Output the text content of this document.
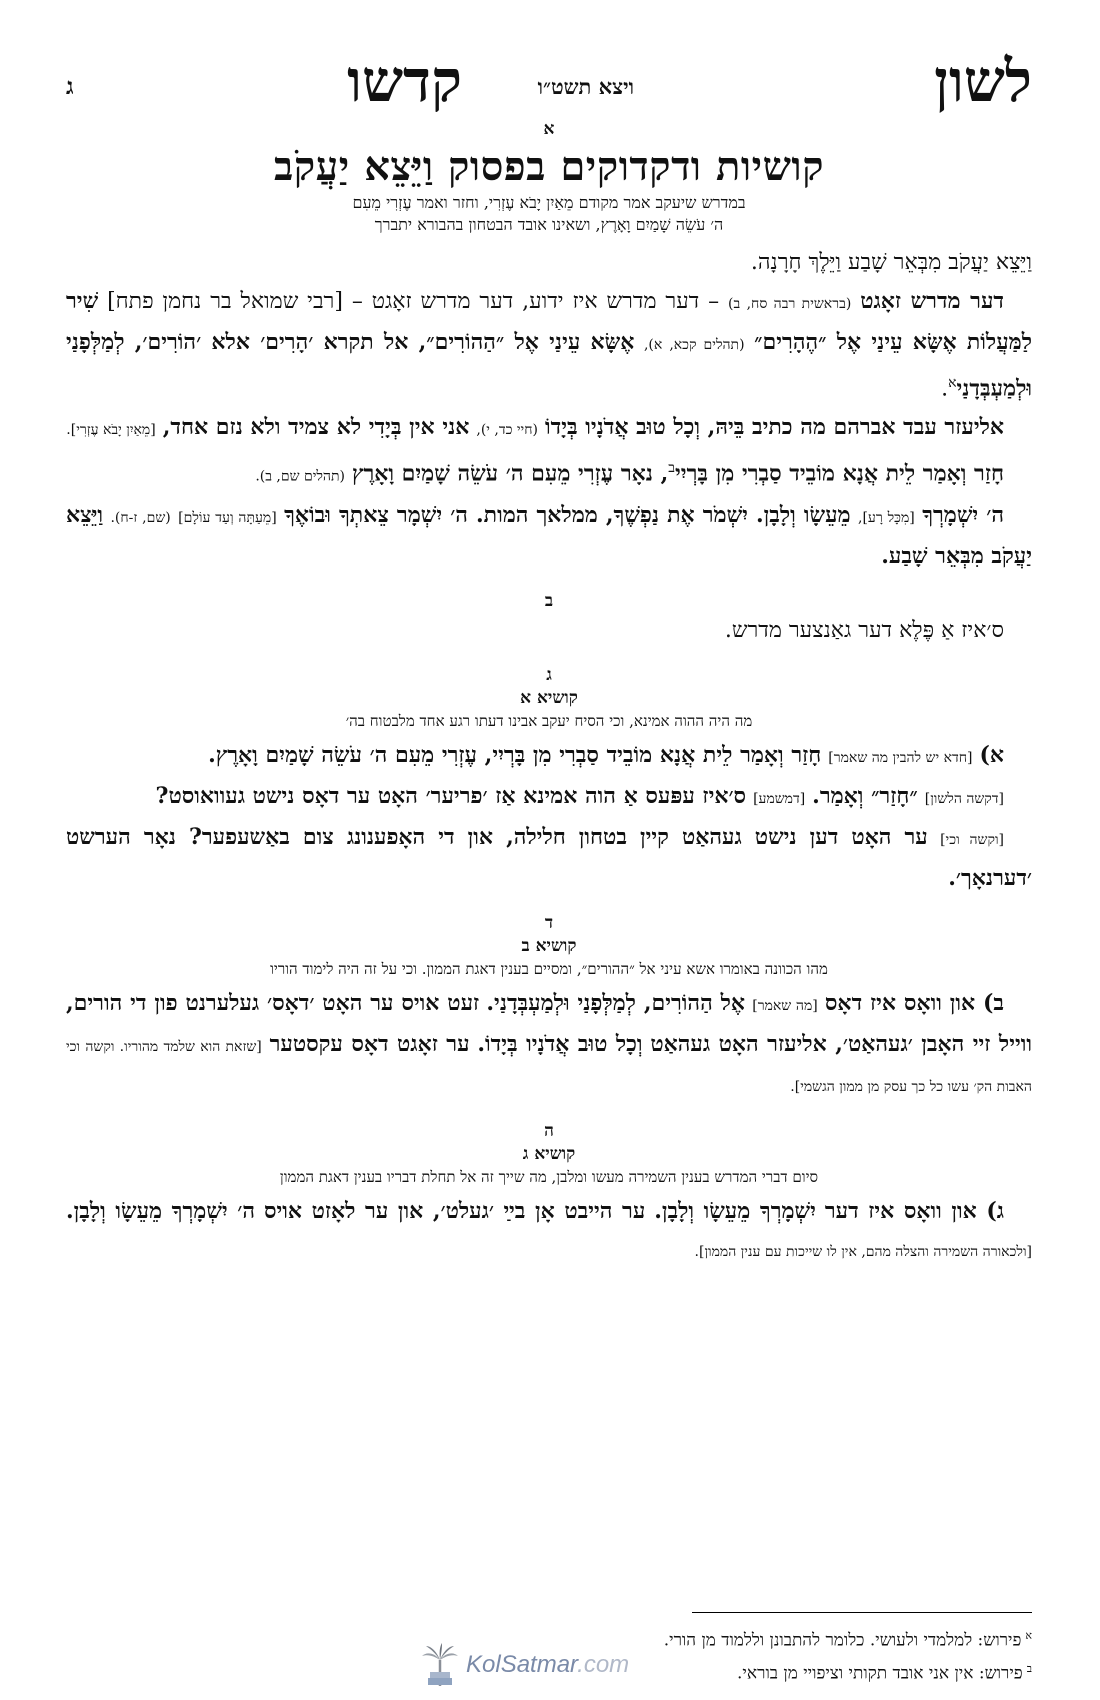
לשון
ויצא תשט״ו
קדשו
ג
א
קושיות ודקדוקים בפסוק וַיֵּצֵא יַעֲקֹב
במדרש שיעקב אמר מקודם מֵאַיִן יָבֹא עֶזְרִי, וחזר ואמר עֶזְרִי מֵעִם
ה׳ עֹשֵׂה שָׁמַיִם וָאָרֶץ, ושאינו אובד הבטחון בהבורא יתברך

וַיֵּצֵא יַעֲקֹב מִבְּאֵר שָׁבַע וַיֵּלֶךְ חָרָנָה.

דער מדרש זאָגט (בראשית רבה סח, ב) – דער מדרש איז ידוע, דער מדרש זאָגט – [רבי שמואל בר נחמן פתח] שִׁיר לַמַּעֲלוֹת אֶשָּׂא עֵינַי אֶל ״הֶהָרִים״ (תהלים קכא, א), אֶשָּׂא עֵינַי אֶל ״הַהוֹרִים״, אל תקרא ׳הָרִים׳ אלא ׳הוֹרִים׳, לְמַלְּפָנַי וּלְמַעְבְּדָנַי$^א$.

אליעזר עבד אברהם מה כתיב בֵּיהּ, וְכָל טוּב אֲדֹנָיו בְּיָדוֹ (חיי כד, י), אני אין בְּיָדִי לא צמיד ולא נזם אחד, [מֵאַיִן יָבֹא עֶזְרִי].

חָזַר וְאָמַר לֵית אֲנָא מוֹבֵיד סַבְרִי מִן בָּרְיִי$^ב$, נאָר עֶזְרִי מֵעִם ה׳ עֹשֵׂה שָׁמַיִם וָאָרֶץ (תהלים שם, ב).

ה׳ יִשְׁמָרְךָ [מִכָּל רָע], מֵעֵשָׂו וְלָבָן. יִשְׁמֹר אֶת נַפְשֶׁךָ, ממלאך המות. ה׳ יִשְׁמָר צֵאתְךָ וּבוֹאֶךָ [מֵעַתָּה וְעַד עוֹלָם] (שם, ז-ח). וַיֵּצֵא יַעֲקֹב מִבְּאֵר שָׁבַע.

ב

ס׳איז אַ פֶּלֶא דער גאַנצער מדרש.

ג
קושיא א
מה היה ההוה אמינא, וכי הסיח יעקב אבינו דעתו רגע אחד מלבטוח בה׳

א) [חדא יש להבין מה שאמר] חָזַר וְאָמַר לֵית אֲנָא מוֹבֵיד סַבְרִי מִן בָּרְיִי, עֶזְרִי מֵעִם ה׳ עֹשֵׂה שָׁמַיִם וָאָרֶץ.

[דקשה הלשון] ״חָזַר״ וְאָמַר. [דמשמע] ס׳איז עפּעס אַ הוה אמינא אַז ׳פריער׳ האָט ער דאָס נישט געוואוסט?

[וקשה וכי] ער האָט דען נישט געהאַט קיין בטחון חלילה, און די האָפענונג צום באַשעפער? נאָר הערשט ׳דערנאָך׳.

ד
קושיא ב
מהו הכוונה באומרו אשא עיני אל ״ההורים״, ומסיים בענין דאגת הממון. וכי על זה היה לימוד הוריו

ב) און וואָס איז דאָס [מה שאמר] אֶל הַהוֹרִים, לְמַלְּפָנַי וּלְמַעְבְּדָנַי. זעט אויס ער האָט ׳דאָס׳ געלערנט פון די הורים, ווייל זיי האָבן ׳געהאַט׳, אליעזר האָט געהאַט וְכָל טוּב אֲדֹנָיו בְּיָדוֹ. ער זאָגט דאָס עקסטער [שזאת הוא שלמד מהוריו. וקשה וכי האבות הק׳ עשו כל כך עסק מן ממון הגשמי].

ה
קושיא ג
סיום דברי המדרש בענין השמירה מעשו ומלבן, מה שייך זה אל תחלת דבריו בענין דאגת הממון

ג) און וואָס איז דער יִשְׁמָרְךָ מֵעֵשָׂו וְלָבָן. ער הייבט אָן בײַ ׳געלט׳, און ער לאָזט אויס ה׳ יִשְׁמָרְךָ מֵעֵשָׂו וְלָבָן. [ולכאורה השמירה והצלה מהם, אין לו שייכות עם ענין הממון].

$^א$פירוש: למלמדי ולעושי. כלומר להתבונן וללמוד מן הורי.

$^ב$פירוש: אין אני אובד תקותי וציפויי מן בוראי.

KolSatmar.com
